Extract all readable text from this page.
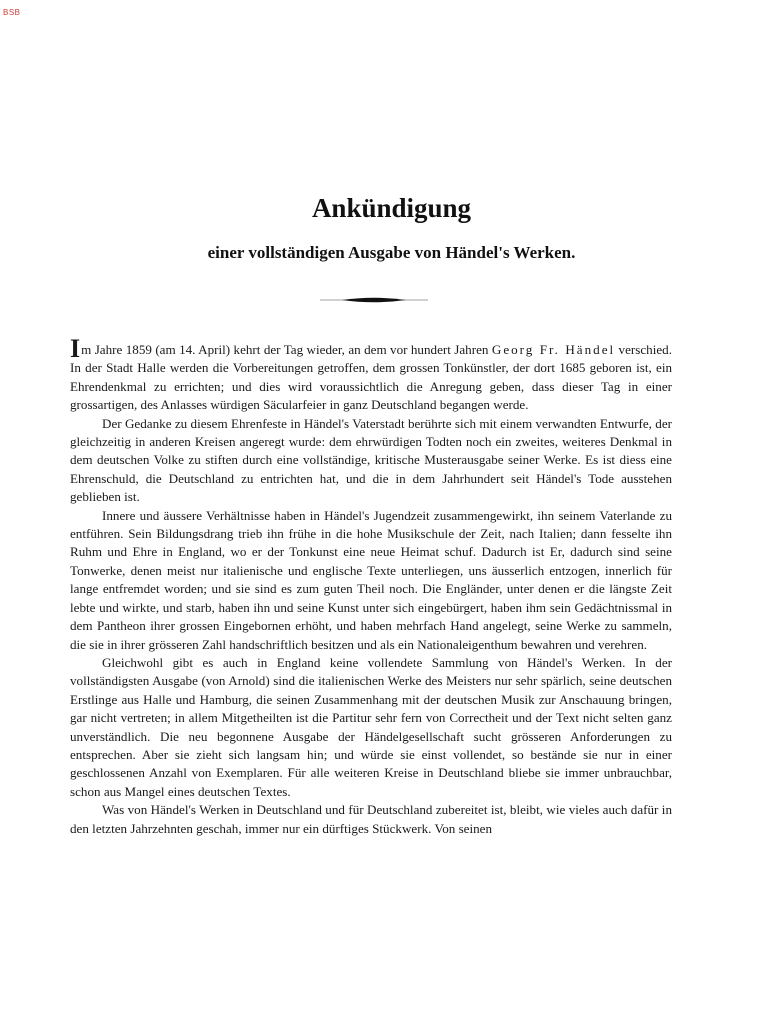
BSB
Ankündigung
einer vollständigen Ausgabe von Händel's Werken.

Im Jahre 1859 (am 14. April) kehrt der Tag wieder, an dem vor hundert Jahren Georg Fr. Händel verschied. In der Stadt Halle werden die Vorbereitungen getroffen, dem grossen Tonkünstler, der dort 1685 geboren ist, ein Ehrendenkmal zu errichten; und dies wird voraussichtlich die Anregung geben, dass dieser Tag in einer grossartigen, des Anlasses würdigen Säcularfeier in ganz Deutschland begangen werde.

Der Gedanke zu diesem Ehrenfeste in Händel's Vaterstadt berührte sich mit einem verwandten Entwurfe, der gleichzeitig in anderen Kreisen angeregt wurde: dem ehrwürdigen Todten noch ein zweites, weiteres Denkmal in dem deutschen Volke zu stiften durch eine vollständige, kritische Musterausgabe seiner Werke. Es ist diess eine Ehrenschuld, die Deutschland zu entrichten hat, und die in dem Jahrhundert seit Händel's Tode ausstehen geblieben ist.

Innere und äussere Verhältnisse haben in Händel's Jugendzeit zusammengewirkt, ihn seinem Vaterlande zu entführen. Sein Bildungsdrang trieb ihn frühe in die hohe Musikschule der Zeit, nach Italien; dann fesselte ihn Ruhm und Ehre in England, wo er der Tonkunst eine neue Heimat schuf. Dadurch ist Er, dadurch sind seine Tonwerke, denen meist nur italienische und englische Texte unterliegen, uns äusserlich entzogen, innerlich für lange entfremdet worden; und sie sind es zum guten Theil noch. Die Engländer, unter denen er die längste Zeit lebte und wirkte, und starb, haben ihn und seine Kunst unter sich eingebürgert, haben ihm sein Gedächtnissmal in dem Pantheon ihrer grossen Eingebornen erhöht, und haben mehrfach Hand angelegt, seine Werke zu sammeln, die sie in ihrer grösseren Zahl handschriftlich besitzen und als ein Nationaleigenthum bewahren und verehren.

Gleichwohl gibt es auch in England keine vollendete Sammlung von Händel's Werken. In der vollständigsten Ausgabe (von Arnold) sind die italienischen Werke des Meisters nur sehr spärlich, seine deutschen Erstlinge aus Halle und Hamburg, die seinen Zusammenhang mit der deutschen Musik zur Anschauung bringen, gar nicht vertreten; in allem Mitgetheilten ist die Partitur sehr fern von Correctheit und der Text nicht selten ganz unverständlich. Die neu begonnene Ausgabe der Händelgesellschaft sucht grösseren Anforderungen zu entsprechen. Aber sie zieht sich langsam hin; und würde sie einst vollendet, so bestände sie nur in einer geschlossenen Anzahl von Exemplaren. Für alle weiteren Kreise in Deutschland bliebe sie immer unbrauchbar, schon aus Mangel eines deutschen Textes.

Was von Händel's Werken in Deutschland und für Deutschland zubereitet ist, bleibt, wie vieles auch dafür in den letzten Jahrzehnten geschah, immer nur ein dürftiges Stückwerk. Von seinen
